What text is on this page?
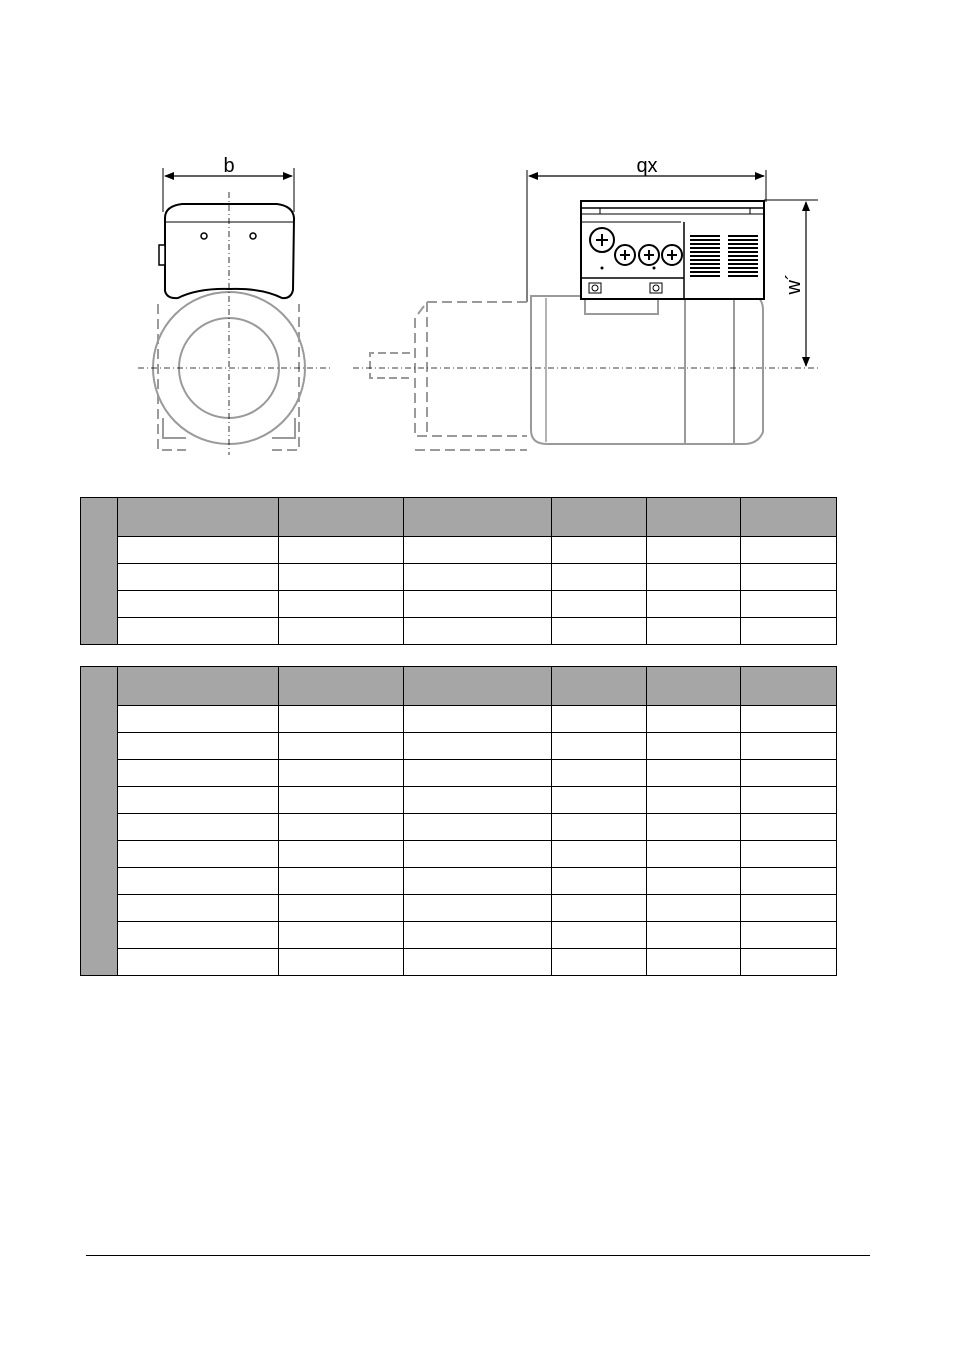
b	qx
w´
